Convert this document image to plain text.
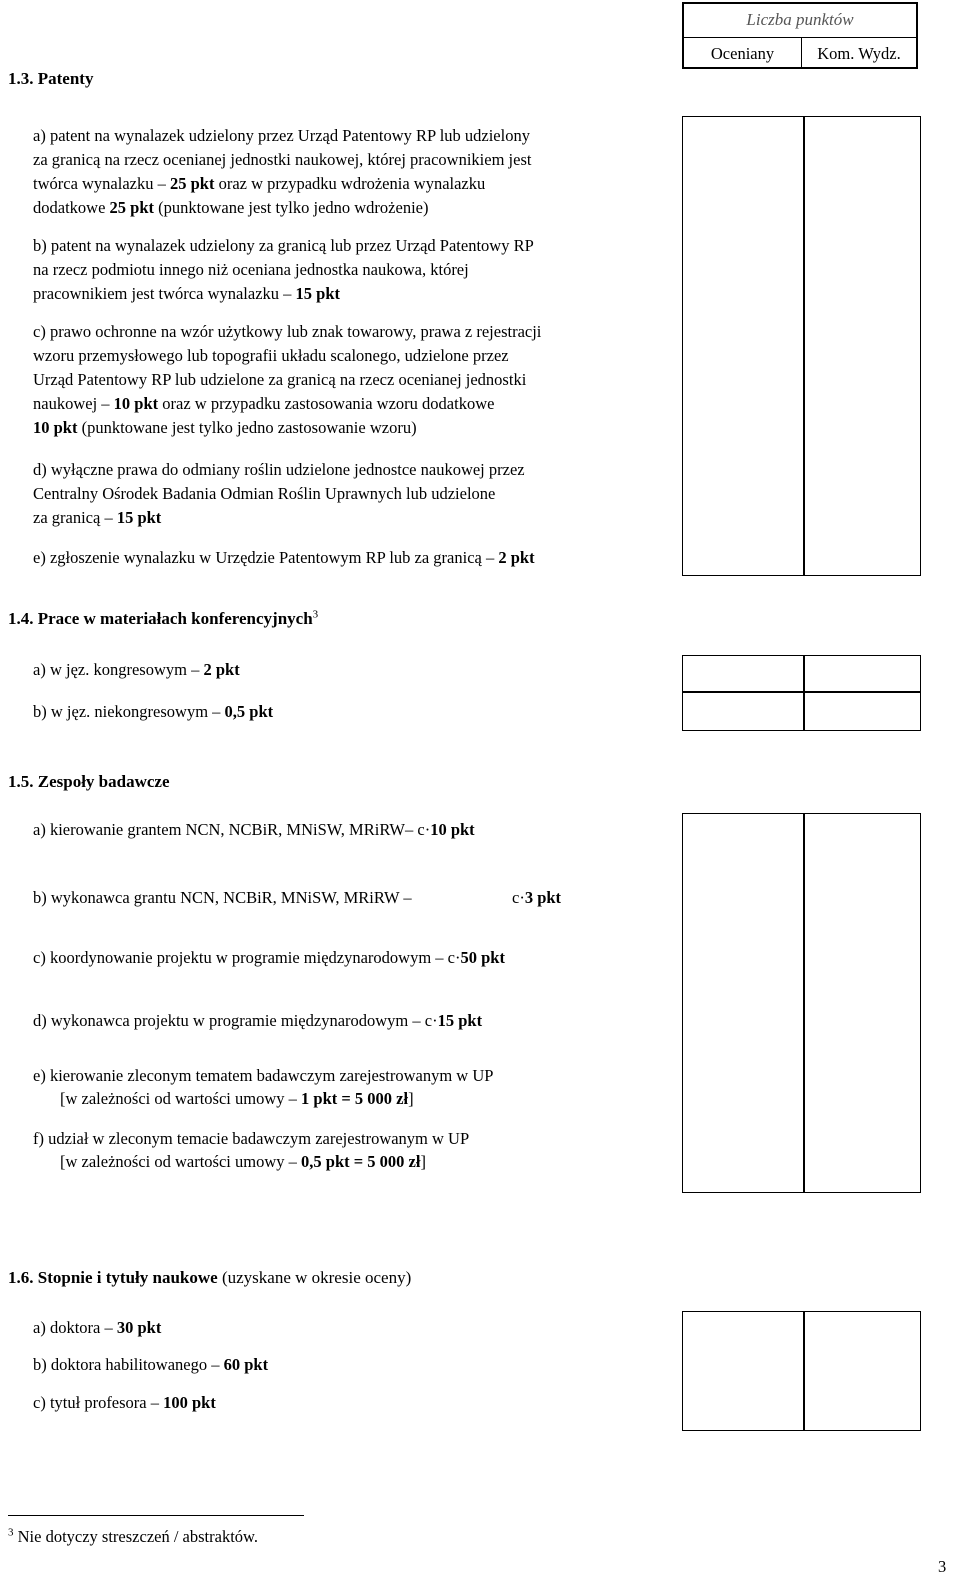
Liczba punktów
Oceniany	Kom. Wydz.
1.3. Patenty
a) patent na wynalazek udzielony przez Urząd Patentowy RP lub udzielony
za granicą na rzecz ocenianej jednostki naukowej, której pracownikiem jest
twórca wynalazku – 25 pkt oraz w przypadku wdrożenia wynalazku
dodatkowe 25 pkt (punktowane jest tylko jedno wdrożenie)
b) patent na wynalazek udzielony za granicą lub przez Urząd Patentowy RP
na rzecz podmiotu innego niż oceniana jednostka naukowa, której
pracownikiem jest twórca wynalazku – 15 pkt
c) prawo ochronne na wzór użytkowy lub znak towarowy, prawa z rejestracji
wzoru przemysłowego lub topografii układu scalonego, udzielone przez
Urząd Patentowy RP lub udzielone za granicą na rzecz ocenianej jednostki
naukowej – 10 pkt oraz w przypadku zastosowania wzoru dodatkowe
10 pkt (punktowane jest tylko jedno zastosowanie wzoru)
d) wyłączne prawa do odmiany roślin udzielone jednostce naukowej przez
Centralny Ośrodek Badania Odmian Roślin Uprawnych lub udzielone
za granicą – 15 pkt
e) zgłoszenie wynalazku w Urzędzie Patentowym RP lub za granicą – 2 pkt
1.4. Prace w materiałach konferencyjnych$^3$
a) w jęz. kongresowym – 2 pkt
b) w jęz. niekongresowym – 0,5 pkt
1.5. Zespoły badawcze
a) kierowanie grantem NCN, NCBiR, MNiSW, MRiRW– c·10 pkt
b) wykonawca grantu NCN, NCBiR, MNiSW, MRiRW –	c·3 pkt
c) koordynowanie projektu w programie międzynarodowym – c·50 pkt
d) wykonawca projektu w programie międzynarodowym – c·15 pkt
e) kierowanie zleconym tematem badawczym zarejestrowanym w UP
[w zależności od wartości umowy – 1 pkt = 5 000 zł]
f) udział w zleconym temacie badawczym zarejestrowanym w UP
[w zależności od wartości umowy – 0,5 pkt = 5 000 zł]
1.6. Stopnie i tytuły naukowe (uzyskane w okresie oceny)
a) doktora – 30 pkt
b) doktora habilitowanego – 60 pkt
c) tytuł profesora – 100 pkt
$^3$ Nie dotyczy streszczeń / abstraktów.
3
